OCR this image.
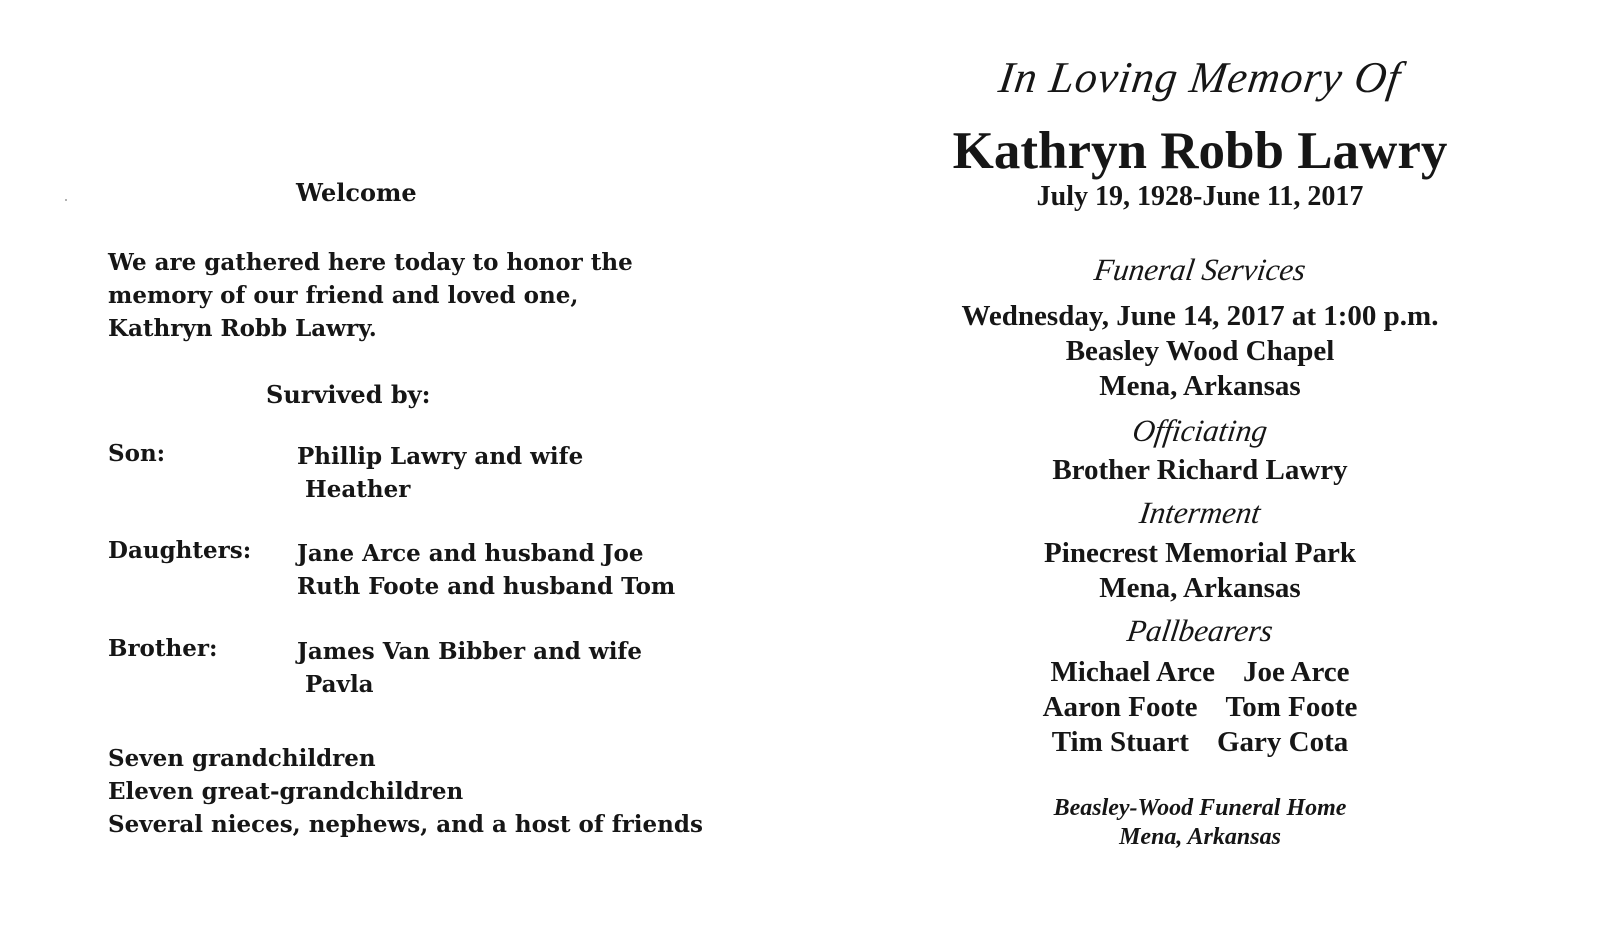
Welcome
We are gathered here today to honor the
memory of our friend and loved one,
Kathryn Robb Lawry.
Survived by:
Son:	Phillip Lawry and wife
Heather
Daughters: Jane Arce and husband Joe
Ruth Foote and husband Tom
Brother:	James Van Bibber and wife
Pavla
Seven grandchildren
Eleven great-grandchildren
Several nieces, nephews, and a host of friends
In Loving Memory Of
Kathryn Robb Lawry
July 19, 1928-June 11, 2017
Funeral Services
Wednesday, June 14, 2017 at 1:00 p.m.
Beasley Wood Chapel
Mena, Arkansas
Officiating
Brother Richard Lawry
Interment
Pinecrest Memorial Park
Mena, Arkansas
Pallbearers
Michael Arce Joe Arce
Aaron Foote Tom Foote
Tim Stuart Gary Cota
Beasley-Wood Funeral Home
Mena, Arkansas
